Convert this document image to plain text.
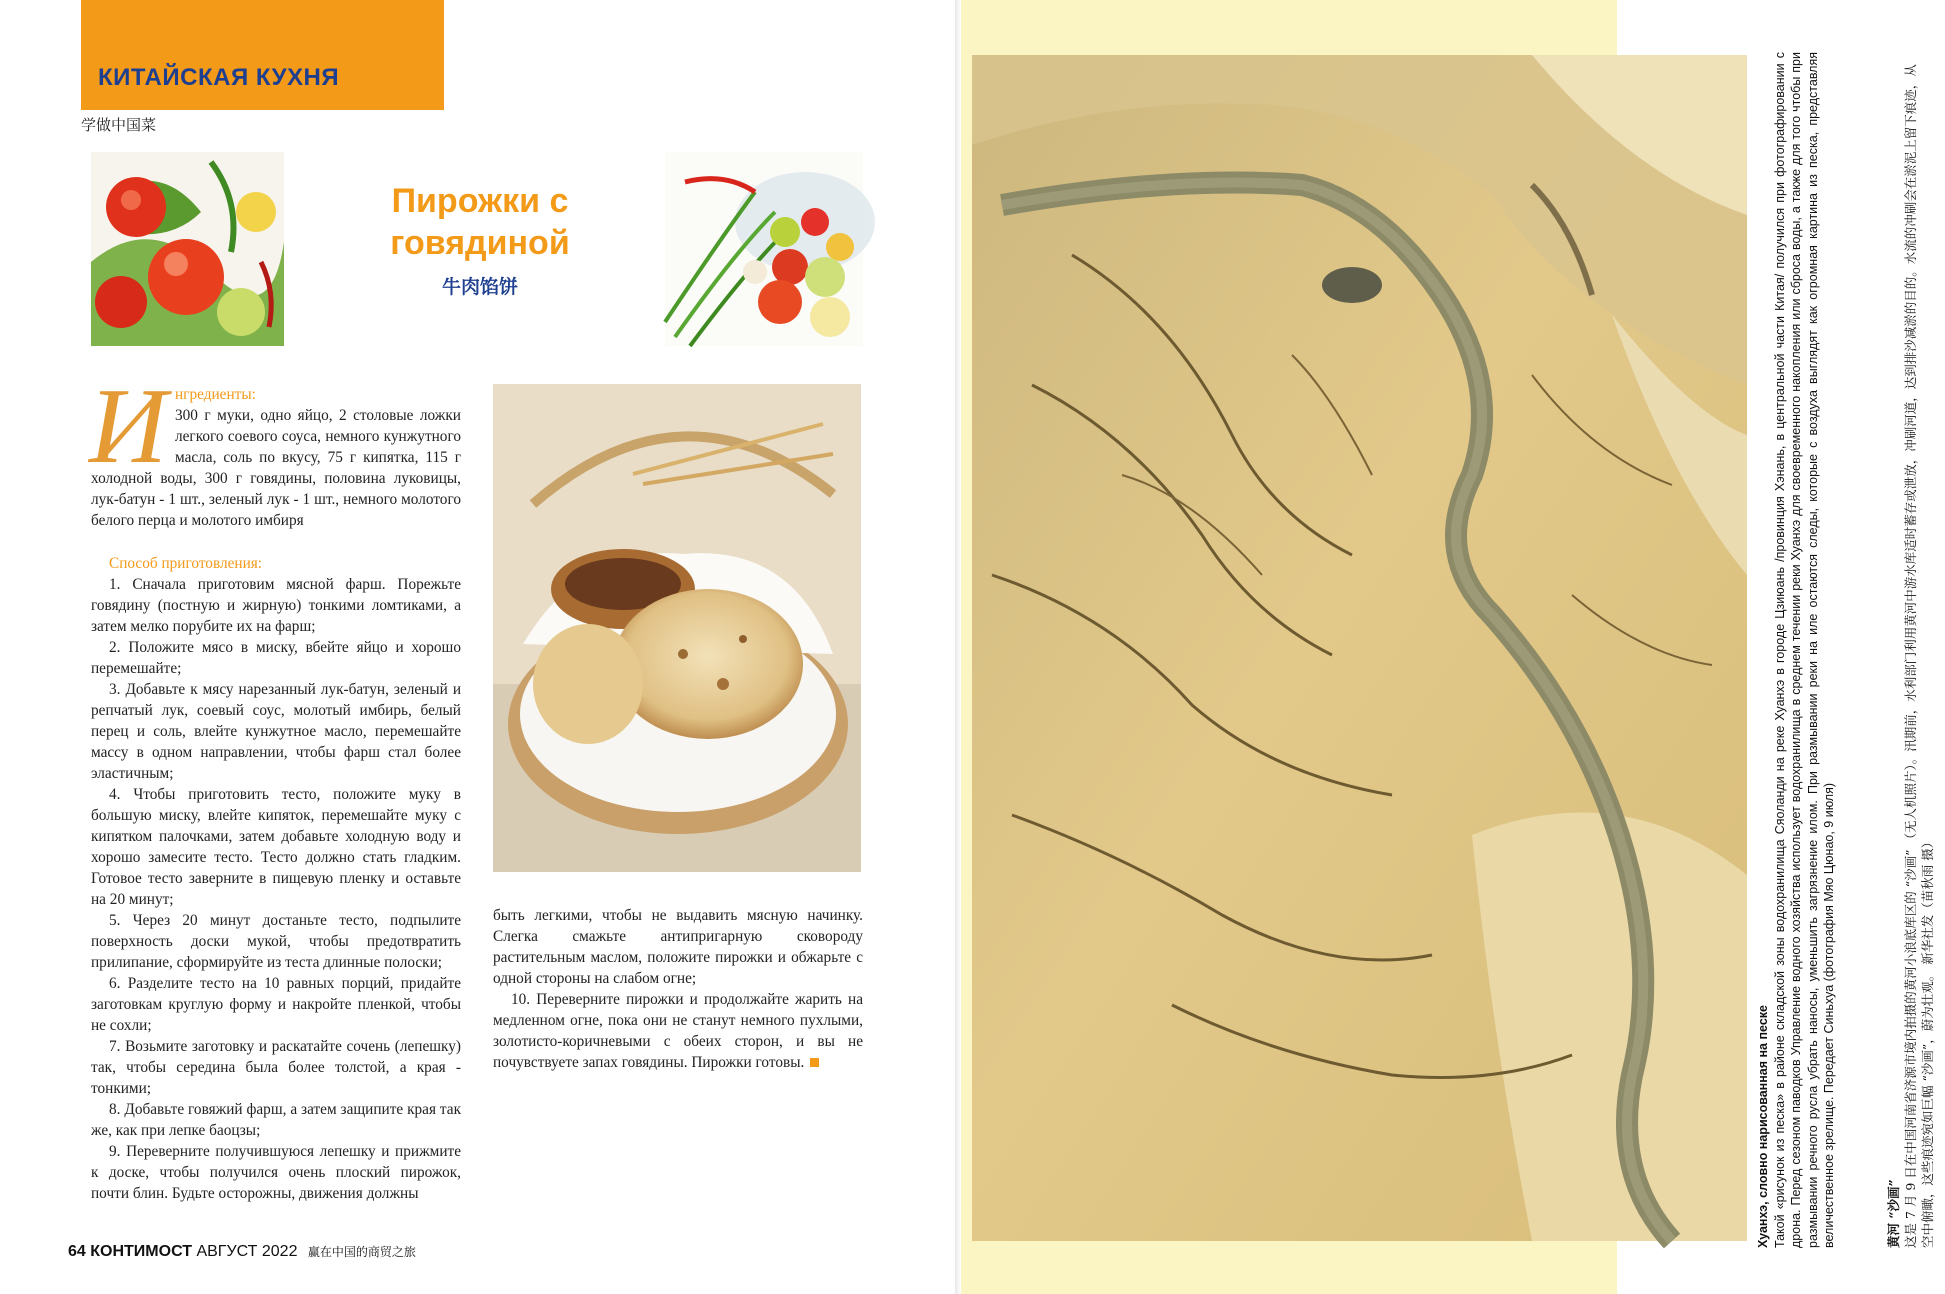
КИТАЙСКАЯ КУХНЯ
学做中国菜
Пирожки с говядиной
牛肉馅饼
И нгредиенты:

300 г муки, одно яйцо, 2 столовые ложки легкого соевого соуса, немного кунжутного масла, соль по вкусу, 75 г кипятка, 115 г холодной воды, 300 г говядины, половина луковицы, лук-батун - 1 шт., зеленый лук - 1 шт., немного молотого белого перца и молотого имбиря

Способ приготовления:

1. Сначала приготовим мясной фарш. Порежьте говядину (постную и жирную) тонкими ломтиками, а затем мелко порубите их на фарш;

2. Положите мясо в миску, вбейте яйцо и хорошо перемешайте;

3. Добавьте к мясу нарезанный лук-батун, зеленый и репчатый лук, соевый соус, молотый имбирь, белый перец и соль, влейте кунжутное масло, перемешайте массу в одном направлении, чтобы фарш стал более эластичным;

4. Чтобы приготовить тесто, положите муку в большую миску, влейте кипяток, перемешайте муку с кипятком палочками, затем добавьте холодную воду и хорошо замесите тесто. Тесто должно стать гладким. Готовое тесто заверните в пищевую пленку и оставьте на 20 минут;

5. Через 20 минут достаньте тесто, подпылите поверхность доски мукой, чтобы предотвратить прилипание, сформируйте из теста длинные полоски;

6. Разделите тесто на 10 равных порций, придайте заготовкам круглую форму и накройте пленкой, чтобы не сохли;

7. Возьмите заготовку и раскатайте сочень (лепешку) так, чтобы середина была более толстой, а края - тонкими;

8. Добавьте говяжий фарш, а затем защипите края так же, как при лепке баоцзы;

9. Переверните получившуюся лепешку и прижмите к доске, чтобы получился очень плоский пирожок, почти блин. Будьте осторожны, движения должны

быть легкими, чтобы не выдавить мясную начинку. Слегка смажьте антипригарную сковороду растительным маслом, положите пирожки и обжарьте с одной стороны на слабом огне;

10. Переверните пирожки и продолжайте жарить на медленном огне, пока они не станут немного пухлыми, золотисто-коричневыми с обеих сторон, и вы не почувствуете запах говядины. Пирожки готовы.

64 КОНТИМОСТ АВГУСТ 2022 赢在中国的商贸之旅
Хуанхэ, словно нарисованная на песке Такой «рисунок из песка» в районе складской зоны водохранилища Сяоланди на реке Хуанхэ в городе Цзиюань /провинция Хэнань, в центральной части Китая/ получился при фотографировании с дрона. Перед сезоном паводков Управление водного хозяйства использует водохранилища в среднем течении реки Хуанхэ для своевременного накопления или сброса воды, а также для того чтобы при размывании речного русла убрать наносы, уменьшить загрязнение илом. При размывании реки на иле остаются следы, которые с воздуха выглядят как огромная картина из песка, представляя величественное зрелище. Передает Синьхуа (фотография Мяо Цюнао, 9 июля)	黄河 “沙画” 这是 7 月 9 日在中国河南省济源市境内拍摄的黄河小浪底库区的 “沙画” （无人机照片）。汛期前，水利部门利用黄河中游水库适时蓄存或泄放，冲刷河道，达到排沙减淤的目的。水流的冲刷会在淤泥上留下痕迹，从空中俯瞰，这些痕迹宛如巨幅 “沙画”，蔚为壮观。 新华社发（苗秋雨 摄）
